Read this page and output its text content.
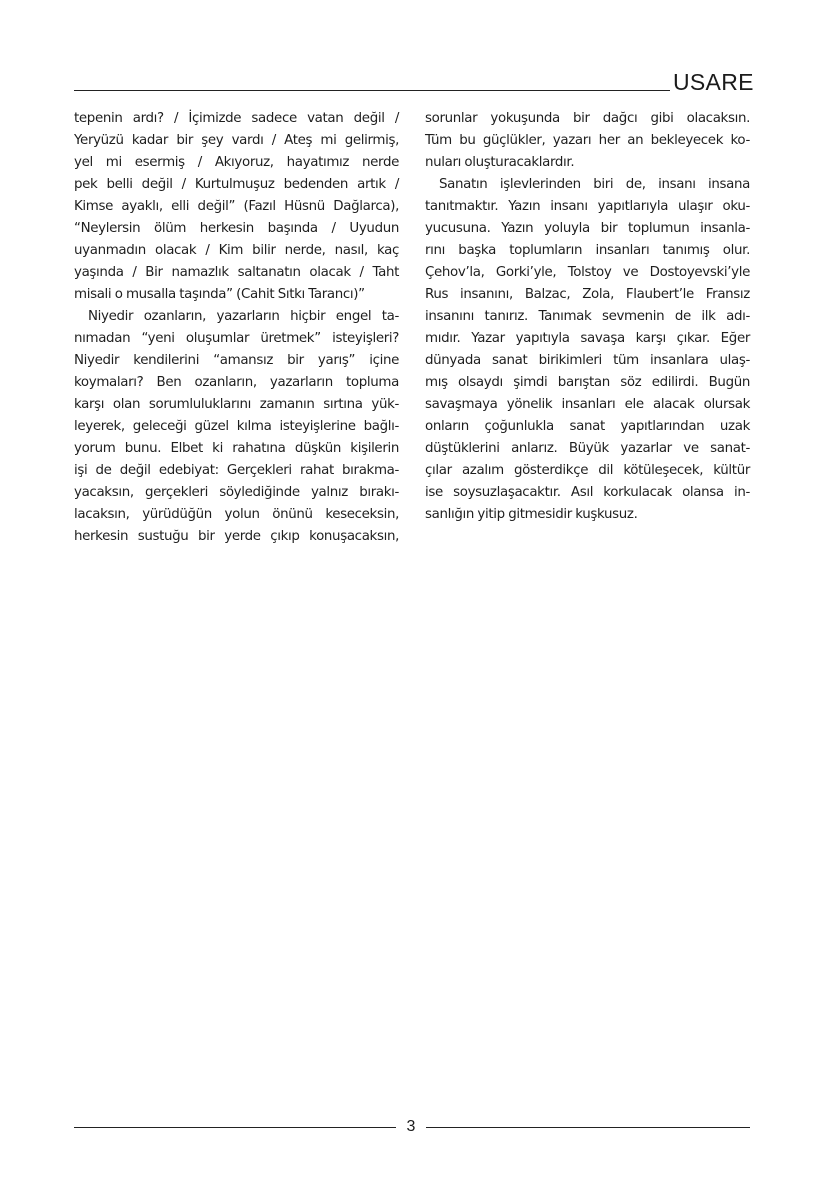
USARE

tepenin ardı? / İçimizde sadece vatan değil /
Yeryüzü kadar bir şey vardı / Ateş mi gelirmiş,
yel mi esermiş / Akıyoruz, hayatımız nerde
pek belli değil / Kurtulmuşuz bedenden artık /
Kimse ayaklı, elli değil” (Fazıl Hüsnü Dağlarca),
“Neylersin ölüm herkesin başında / Uyudun
uyanmadın olacak / Kim bilir nerde, nasıl, kaç
yaşında / Bir namazlık saltanatın olacak / Taht
misali o musalla taşında” (Cahit Sıtkı Tarancı)”

Niyedir ozanların, yazarların hiçbir engel ta-
nımadan “yeni oluşumlar üretmek” isteyişleri?
Niyedir kendilerini “amansız bir yarış” içine
koymaları? Ben ozanların, yazarların topluma
karşı olan sorumluluklarını zamanın sırtına yük-
leyerek, geleceği güzel kılma isteyişlerine bağlı-
yorum bunu. Elbet ki rahatına düşkün kişilerin
işi de değil edebiyat: Gerçekleri rahat bırakma-
yacaksın, gerçekleri söylediğinde yalnız bırakı-
lacaksın, yürüdüğün yolun önünü keseceksin,
herkesin sustuğu bir yerde çıkıp konuşacaksın,

sorunlar yokuşunda bir dağcı gibi olacaksın.
Tüm bu güçlükler, yazarı her an bekleyecek ko-
nuları oluşturacaklardır.

Sanatın işlevlerinden biri de, insanı insana
tanıtmaktır. Yazın insanı yapıtlarıyla ulaşır oku-
yucusuna. Yazın yoluyla bir toplumun insanla-
rını başka toplumların insanları tanımış olur.
Çehov’la, Gorki’yle, Tolstoy ve Dostoyevski’yle
Rus insanını, Balzac, Zola, Flaubert’le Fransız
insanını tanırız. Tanımak sevmenin de ilk adı-
mıdır. Yazar yapıtıyla savaşa karşı çıkar. Eğer
dünyada sanat birikimleri tüm insanlara ulaş-
mış olsaydı şimdi barıştan söz edilirdi. Bugün
savaşmaya yönelik insanları ele alacak olursak
onların çoğunlukla sanat yapıtlarından uzak
düştüklerini anlarız. Büyük yazarlar ve sanat-
çılar azalım gösterdikçe dil kötüleşecek, kültür
ise soysuzlaşacaktır. Asıl korkulacak olansa in-
sanlığın yitip gitmesidir kuşkusuz.

3
